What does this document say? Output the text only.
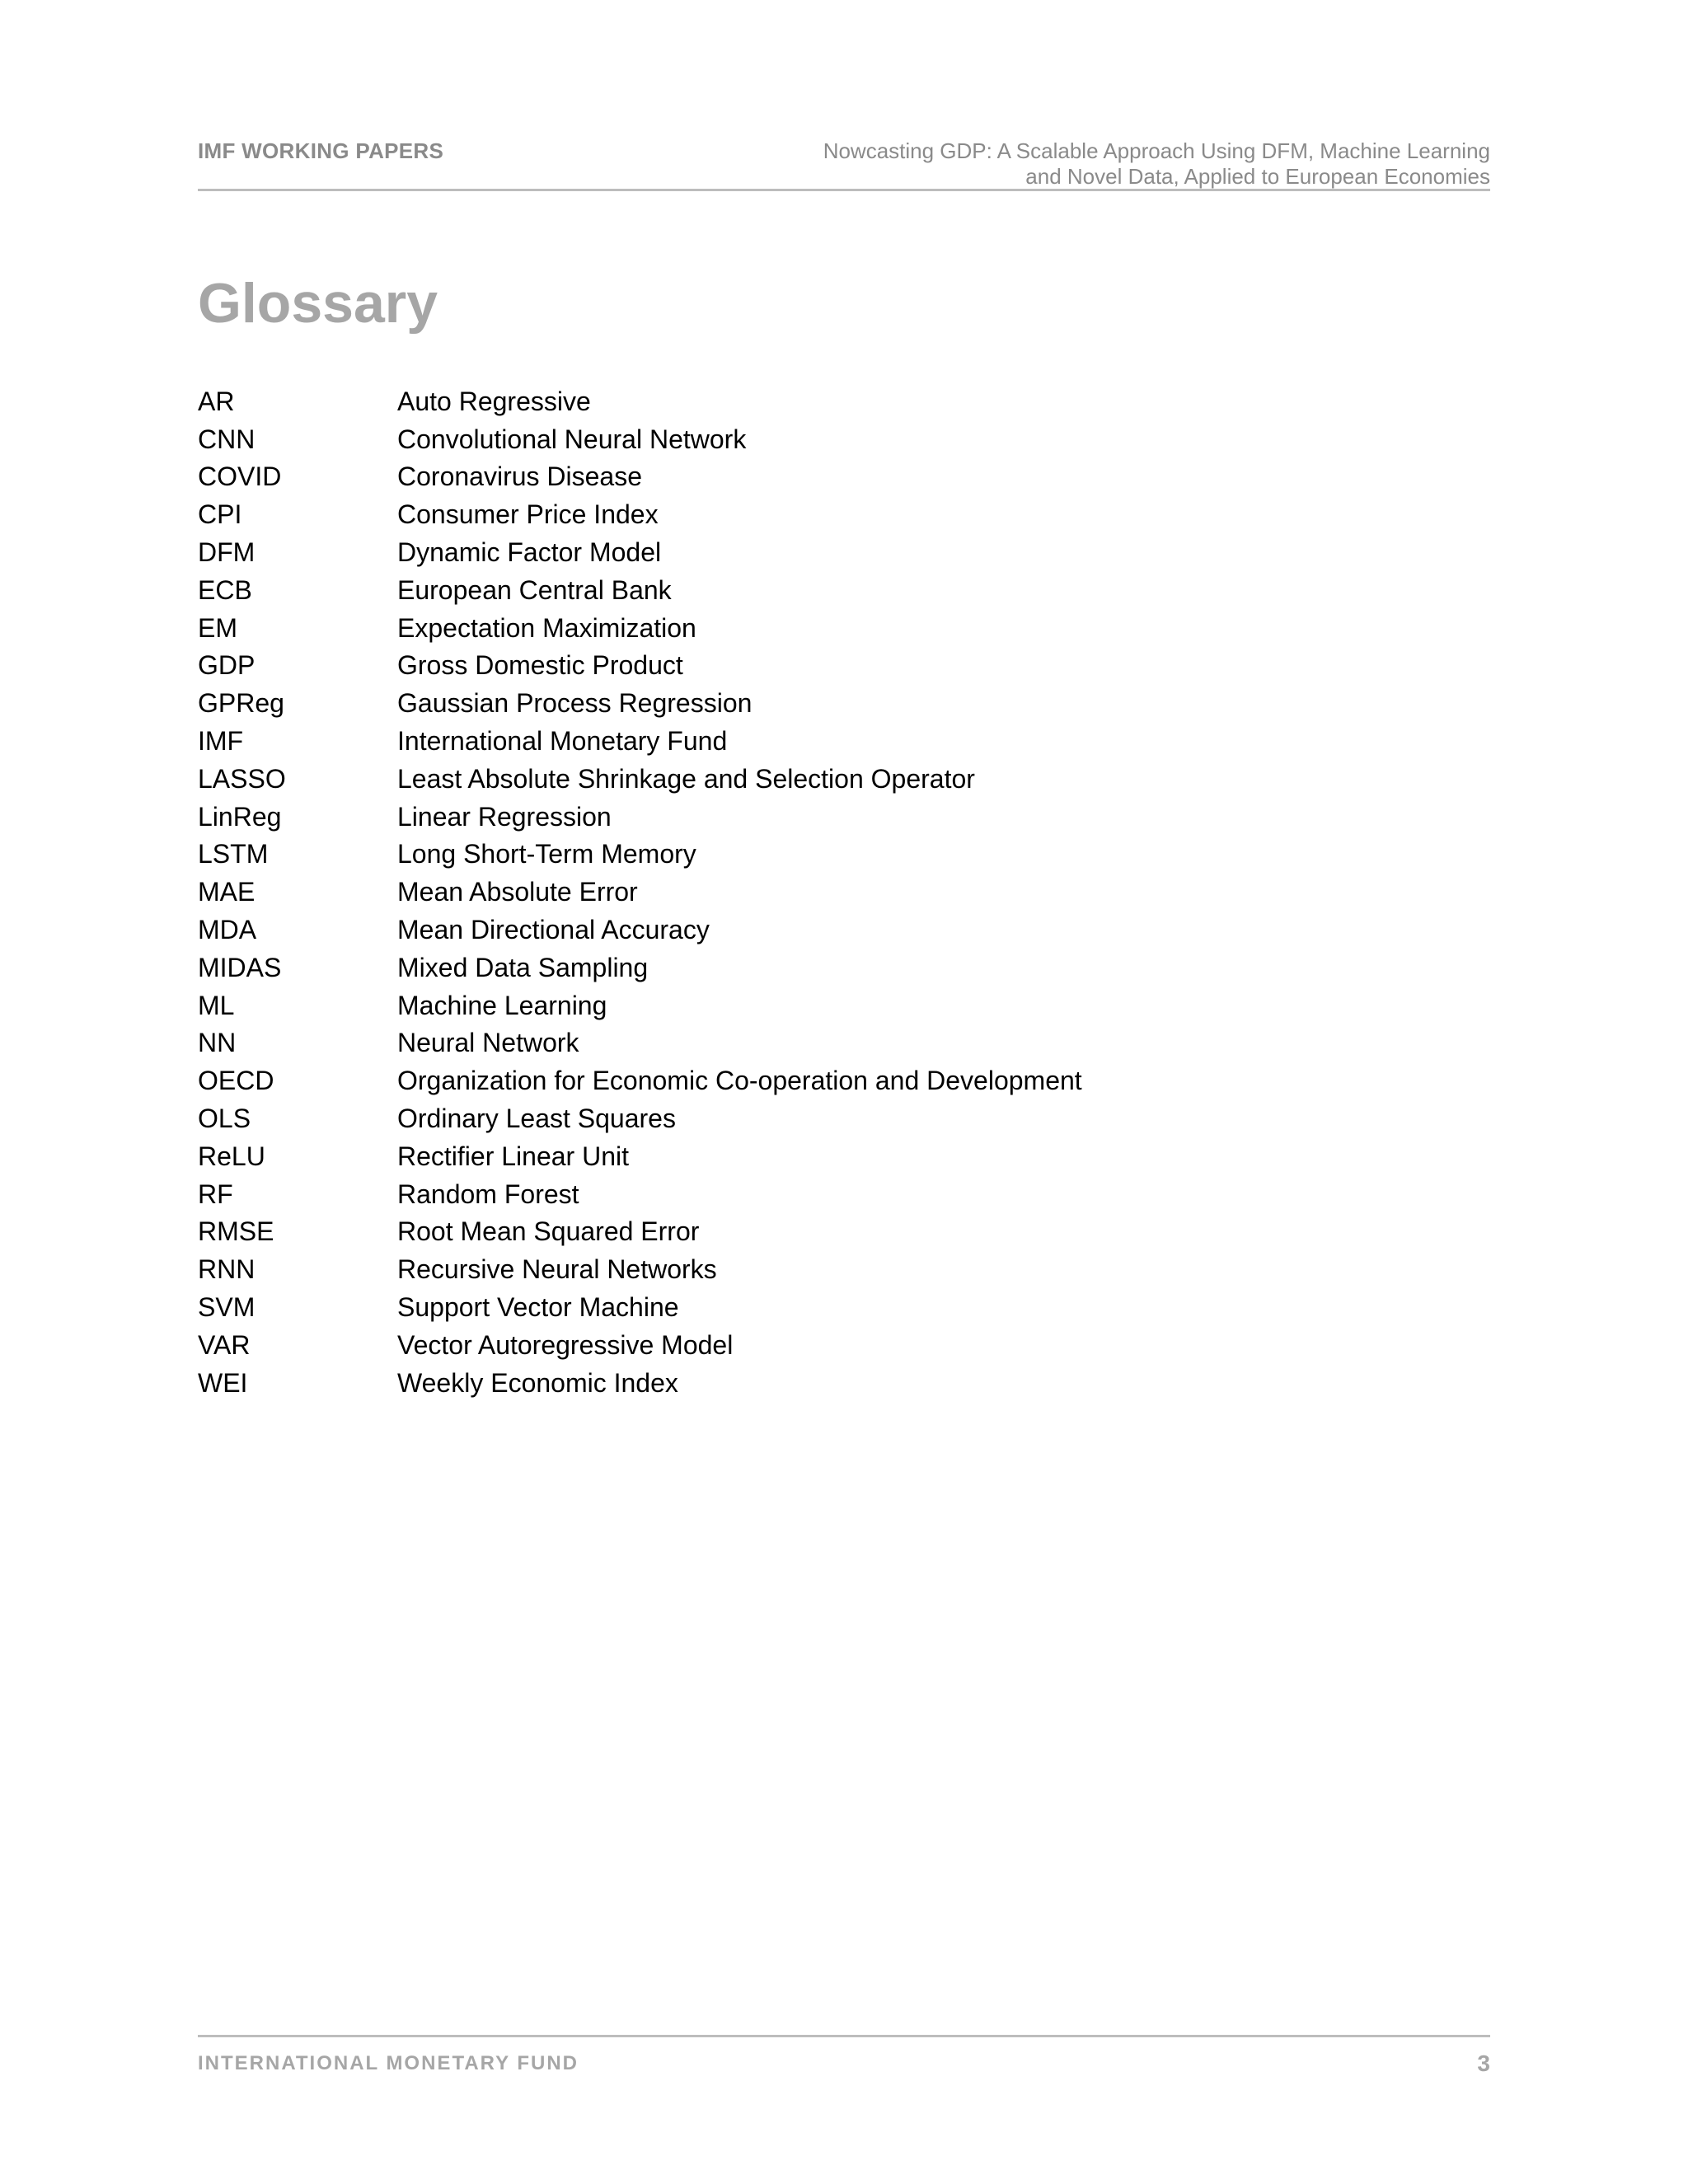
IMF WORKING PAPERS	Nowcasting GDP: A Scalable Approach Using DFM, Machine Learning
and Novel Data, Applied to European Economies
Glossary
AR	Auto Regressive
CNN	Convolutional Neural Network
COVID	Coronavirus Disease
CPI	Consumer Price Index
DFM	Dynamic Factor Model
ECB	European Central Bank
EM	Expectation Maximization
GDP	Gross Domestic Product
GPReg	Gaussian Process Regression
IMF	International Monetary Fund
LASSO	Least Absolute Shrinkage and Selection Operator
LinReg	Linear Regression
LSTM	Long Short-Term Memory
MAE	Mean Absolute Error
MDA	Mean Directional Accuracy
MIDAS	Mixed Data Sampling
ML	Machine Learning
NN	Neural Network
OECD	Organization for Economic Co-operation and Development
OLS	Ordinary Least Squares
ReLU	Rectifier Linear Unit
RF	Random Forest
RMSE	Root Mean Squared Error
RNN	Recursive Neural Networks
SVM	Support Vector Machine
VAR	Vector Autoregressive Model
WEI	Weekly Economic Index
INTERNATIONAL MONETARY FUND	3
